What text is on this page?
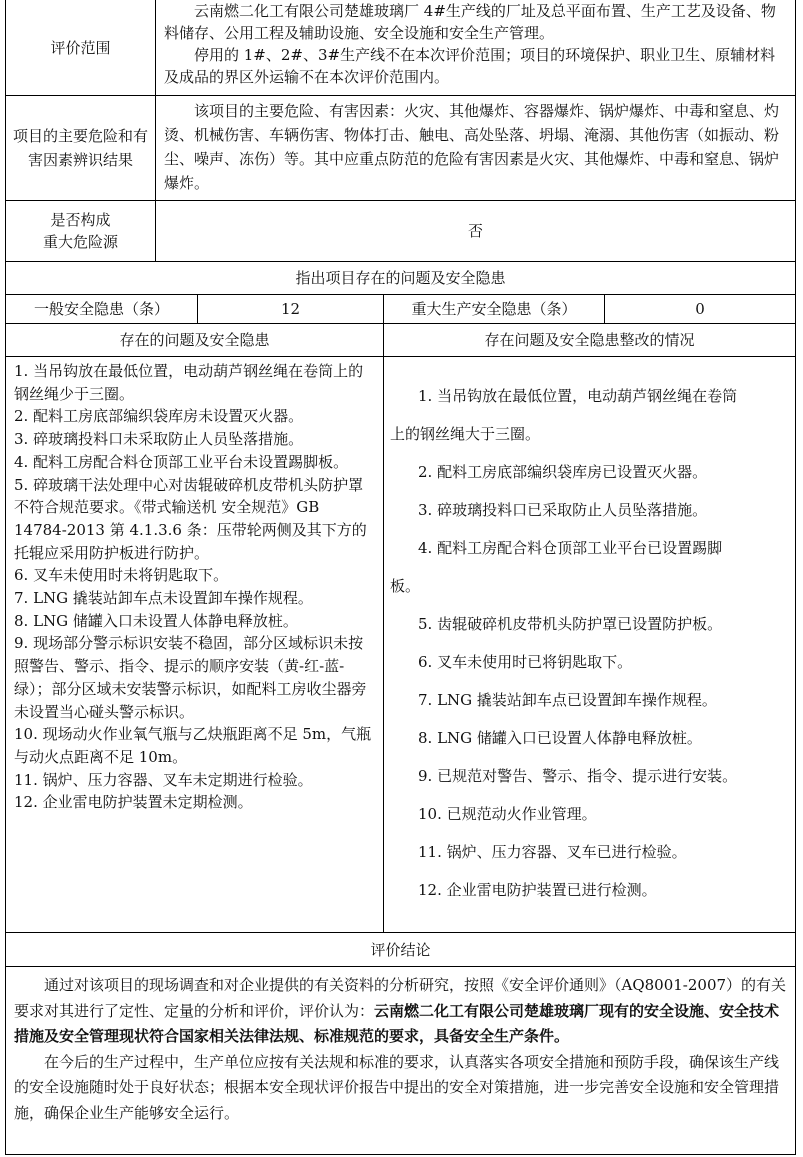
评价范围

云南燃二化工有限公司楚雄玻璃厂 4#生产线的厂址及总平面布置、生产工艺及设备、物料储存、公用工程及辅助设施、安全设施和安全生产管理。

停用的 1#、2#、3#生产线不在本次评价范围；项目的环境保护、职业卫生、原辅材料及成品的界区外运输不在本次评价范围内。

项目的主要危险和有害因素辨识结果

该项目的主要危险、有害因素：火灾、其他爆炸、容器爆炸、锅炉爆炸、中毒和窒息、灼烫、机械伤害、车辆伤害、物体打击、触电、高处坠落、坍塌、淹溺、其他伤害（如振动、粉尘、噪声、冻伤）等。其中应重点防范的危险有害因素是火灾、其他爆炸、中毒和窒息、锅炉爆炸。

是否构成
重大危险源
否
指出项目存在的问题及安全隐患
一般安全隐患（条）	12	重大生产安全隐患（条）	0
存在的问题及安全隐患	存在问题及安全隐患整改的情况

1. 当吊钩放在最低位置，电动葫芦钢丝绳在卷筒上的钢丝绳少于三圈。

2. 配料工房底部编织袋库房未设置灭火器。

3. 碎玻璃投料口未采取防止人员坠落措施。

4. 配料工房配合料仓顶部工业平台未设置踢脚板。

5. 碎玻璃干法处理中心对齿辊破碎机皮带机头防护罩不符合规范要求。《带式输送机 安全规范》GB 14784-2013 第 4.1.3.6 条：压带轮两侧及其下方的托辊应采用防护板进行防护。

6. 叉车未使用时未将钥匙取下。

7. LNG 撬装站卸车点未设置卸车操作规程。

8. LNG 储罐入口未设置人体静电释放桩。

9. 现场部分警示标识安装不稳固，部分区域标识未按照警告、警示、指令、提示的顺序安装（黄-红-蓝-绿）；部分区域未安装警示标识，如配料工房收尘器旁未设置当心碰头警示标识。

10. 现场动火作业氧气瓶与乙炔瓶距离不足 5m，气瓶与动火点距离不足 10m。

11. 锅炉、压力容器、叉车未定期进行检验。

12. 企业雷电防护装置未定期检测。

1. 当吊钩放在最低位置，电动葫芦钢丝绳在卷筒

上的钢丝绳大于三圈。

2. 配料工房底部编织袋库房已设置灭火器。

3. 碎玻璃投料口已采取防止人员坠落措施。

4. 配料工房配合料仓顶部工业平台已设置踢脚

板。

5. 齿辊破碎机皮带机头防护罩已设置防护板。

6. 叉车未使用时已将钥匙取下。

7. LNG 撬装站卸车点已设置卸车操作规程。

8. LNG 储罐入口已设置人体静电释放桩。

9. 已规范对警告、警示、指令、提示进行安装。

10. 已规范动火作业管理。

11. 锅炉、压力容器、叉车已进行检验。

12. 企业雷电防护装置已进行检测。

评价结论

通过对该项目的现场调查和对企业提供的有关资料的分析研究，按照《安全评价通则》（AQ8001-2007）的有关要求对其进行了定性、定量的分析和评价，评价认为：云南燃二化工有限公司楚雄玻璃厂现有的安全设施、安全技术措施及安全管理现状符合国家相关法律法规、标准规范的要求，具备安全生产条件。

在今后的生产过程中，生产单位应按有关法规和标准的要求，认真落实各项安全措施和预防手段，确保该生产线的安全设施随时处于良好状态；根据本安全现状评价报告中提出的安全对策措施，进一步完善安全设施和安全管理措施，确保企业生产能够安全运行。
